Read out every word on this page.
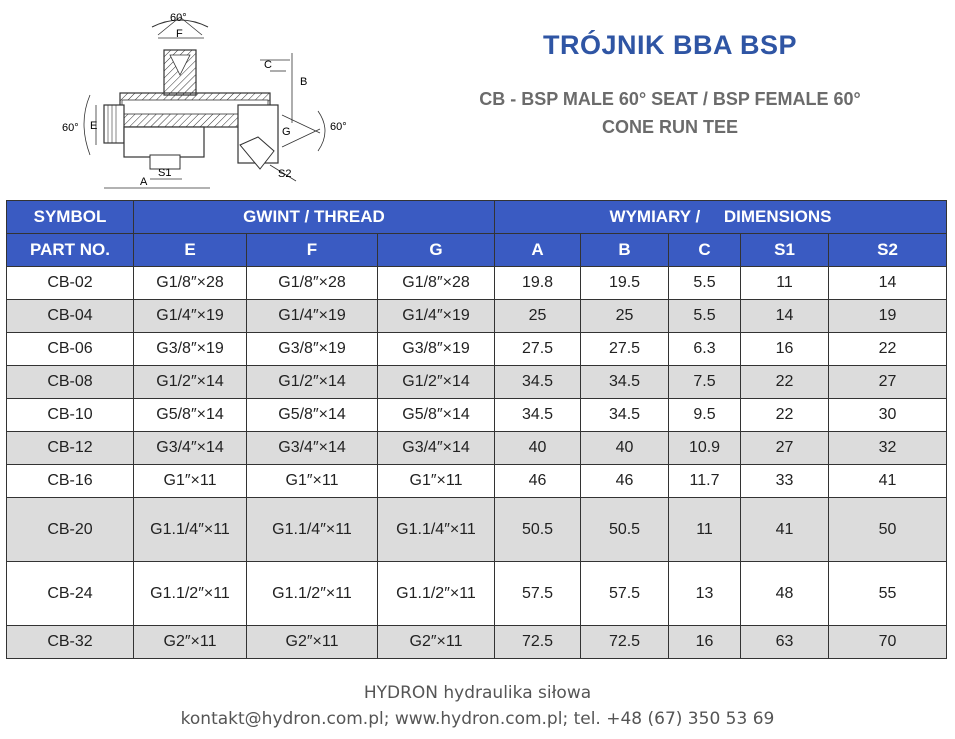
60°
F
C
B
E
60°	G	60°
A
S1	S2
TRÓJNIK BBA BSP
CB - BSP MALE 60° SEAT / BSP FEMALE 60°
CONE RUN TEE
SYMBOL	GWINT / THREAD			WYMIARY /     DIMENSIONS				
PART NO.	E	F	G	A	B	C	S1	S2
CB-02	G1/8″×28	G1/8″×28	G1/8″×28	19.8	19.5	5.5	11	14
CB-04	G1/4″×19	G1/4″×19	G1/4″×19	25	25	5.5	14	19
CB-06	G3/8″×19	G3/8″×19	G3/8″×19	27.5	27.5	6.3	16	22
CB-08	G1/2″×14	G1/2″×14	G1/2″×14	34.5	34.5	7.5	22	27
CB-10	G5/8″×14	G5/8″×14	G5/8″×14	34.5	34.5	9.5	22	30
CB-12	G3/4″×14	G3/4″×14	G3/4″×14	40	40	10.9	27	32
CB-16	G1″×11	G1″×11	G1″×11	46	46	11.7	33	41
CB-20	G1.1/4″×11	G1.1/4″×11	G1.1/4″×11	50.5	50.5	11	41	50
CB-24	G1.1/2″×11	G1.1/2″×11	G1.1/2″×11	57.5	57.5	13	48	55
CB-32	G2″×11	G2″×11	G2″×11	72.5	72.5	16	63	70
HYDRON hydraulika siłowa
kontakt@hydron.com.pl; www.hydron.com.pl; tel. +48 (67) 350 53 69
